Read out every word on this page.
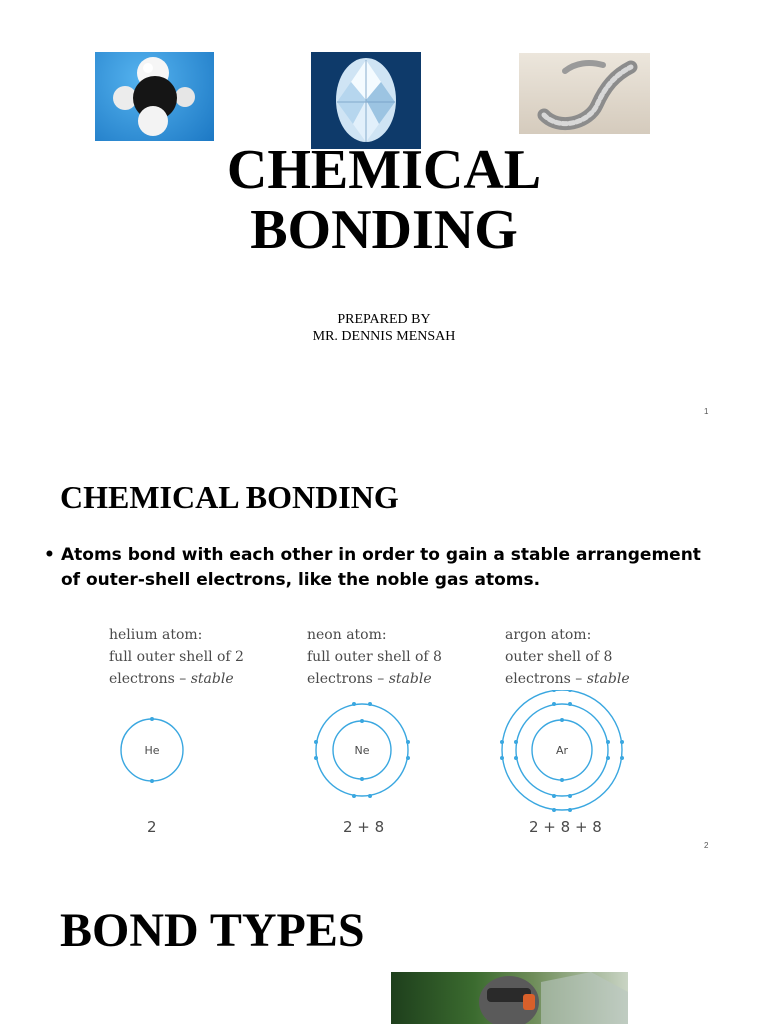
CHEMICAL
BONDING
PREPARED BY
MR. DENNIS MENSAH
1
CHEMICAL BONDING
• Atoms bond with each other in order to gain a stable arrangement of outer-shell electrons, like the noble gas atoms.
helium atom:
full outer shell of 2
electrons – stable
neon atom:
full outer shell of 8
electrons – stable
argon atom:
outer shell of 8
electrons – stable
He	Ne	Ar
2	2 + 8	2 + 8 + 8
2
BOND TYPES
